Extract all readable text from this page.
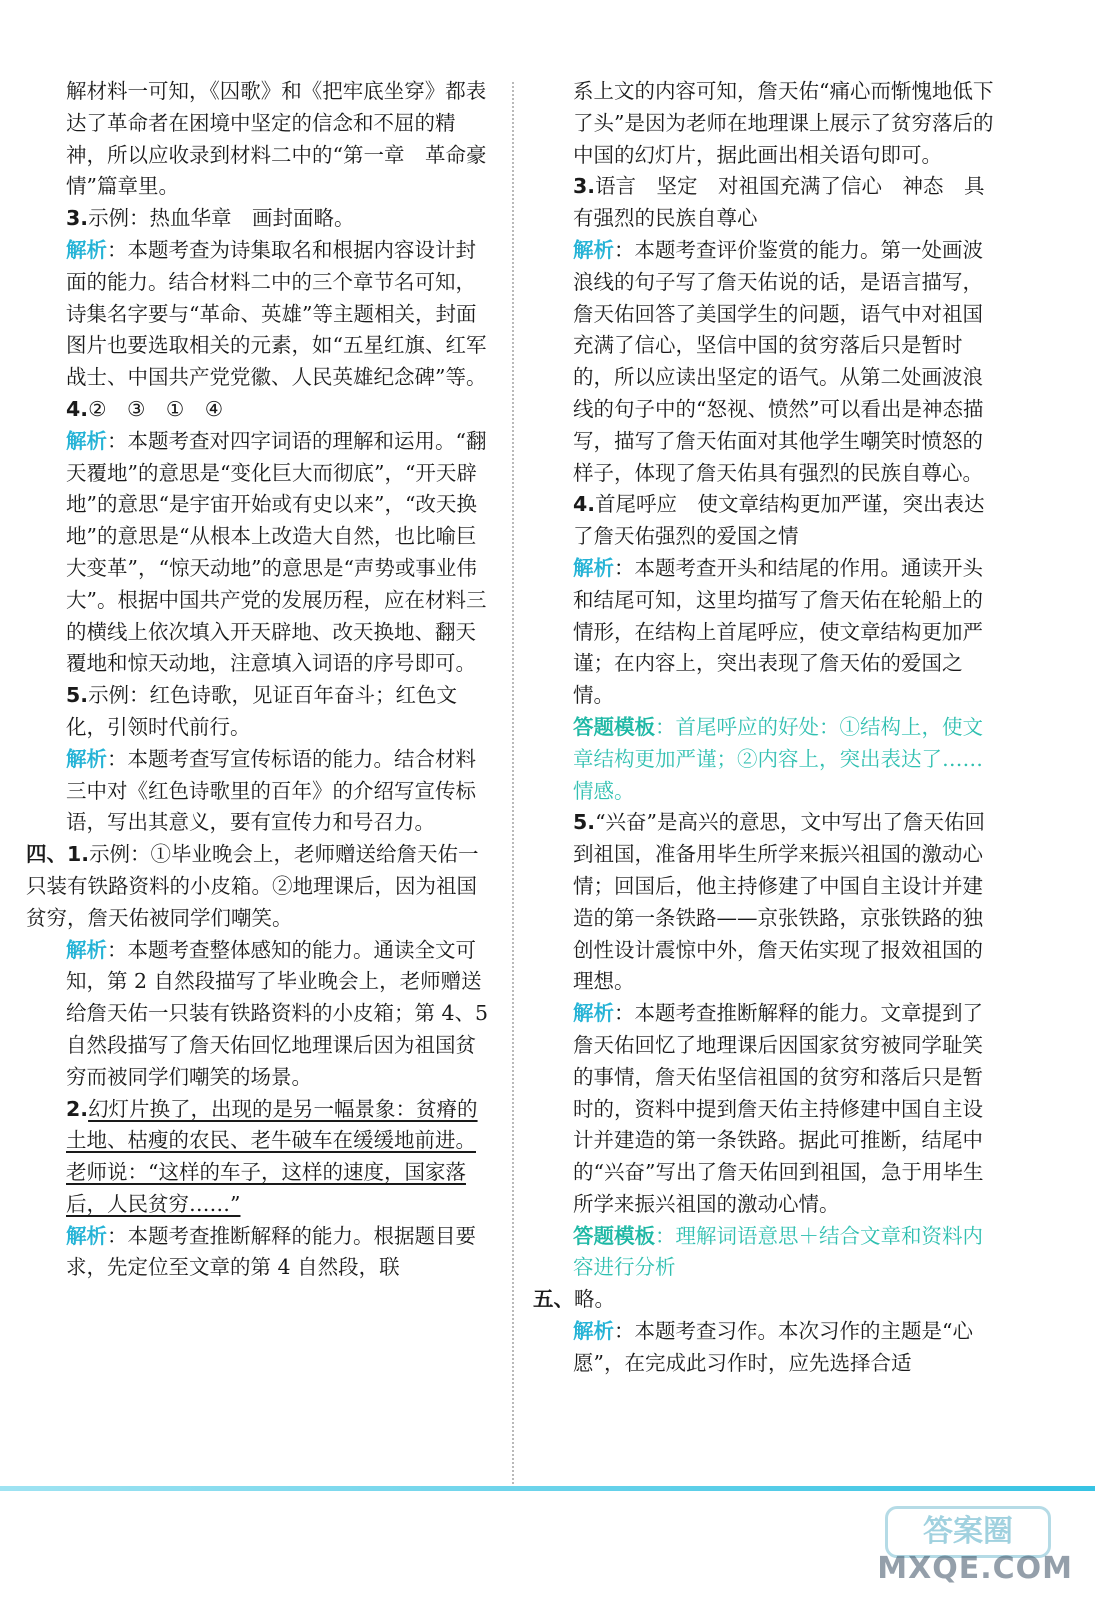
解材料一可知，《囚歌》和《把牢底坐穿》都表达了革命者在困境中坚定的信念和不屈的精神，所以应收录到材料二中的“第一章　革命豪情”篇章里。

3.示例：热血华章　画封面略。

解析：本题考查为诗集取名和根据内容设计封面的能力。结合材料二中的三个章节名可知，诗集名字要与“革命、英雄”等主题相关，封面图片也要选取相关的元素，如“五星红旗、红军战士、中国共产党党徽、人民英雄纪念碑”等。

4.②　③　①　④

解析：本题考查对四字词语的理解和运用。“翻天覆地”的意思是“变化巨大而彻底”，“开天辟地”的意思“是宇宙开始或有史以来”，“改天换地”的意思是“从根本上改造大自然，也比喻巨大变革”，“惊天动地”的意思是“声势或事业伟大”。根据中国共产党的发展历程，应在材料三的横线上依次填入开天辟地、改天换地、翻天覆地和惊天动地，注意填入词语的序号即可。

5.示例：红色诗歌，见证百年奋斗；红色文化，引领时代前行。

解析：本题考查写宣传标语的能力。结合材料三中对《红色诗歌里的百年》的介绍写宣传标语，写出其意义，要有宣传力和号召力。

四、1.示例：①毕业晚会上，老师赠送给詹天佑一只装有铁路资料的小皮箱。②地理课后，因为祖国贫穷，詹天佑被同学们嘲笑。

解析：本题考查整体感知的能力。通读全文可知，第 2 自然段描写了毕业晚会上，老师赠送给詹天佑一只装有铁路资料的小皮箱；第 4、5 自然段描写了詹天佑回忆地理课后因为祖国贫穷而被同学们嘲笑的场景。

2.幻灯片换了，出现的是另一幅景象：贫瘠的土地、枯瘦的农民、老牛破车在缓缓地前进。老师说：“这样的车子，这样的速度，国家落后，人民贫穷……”

解析：本题考查推断解释的能力。根据题目要求，先定位至文章的第 4 自然段，联

系上文的内容可知，詹天佑“痛心而惭愧地低下了头”是因为老师在地理课上展示了贫穷落后的中国的幻灯片，据此画出相关语句即可。

3.语言　坚定　对祖国充满了信心　神态　具有强烈的民族自尊心

解析：本题考查评价鉴赏的能力。第一处画波浪线的句子写了詹天佑说的话，是语言描写，詹天佑回答了美国学生的问题，语气中对祖国充满了信心，坚信中国的贫穷落后只是暂时的，所以应读出坚定的语气。从第二处画波浪线的句子中的“怒视、愤然”可以看出是神态描写，描写了詹天佑面对其他学生嘲笑时愤怒的样子，体现了詹天佑具有强烈的民族自尊心。

4.首尾呼应　使文章结构更加严谨，突出表达了詹天佑强烈的爱国之情

解析：本题考查开头和结尾的作用。通读开头和结尾可知，这里均描写了詹天佑在轮船上的情形，在结构上首尾呼应，使文章结构更加严谨；在内容上，突出表现了詹天佑的爱国之情。

答题模板：首尾呼应的好处：①结构上，使文章结构更加严谨；②内容上，突出表达了……情感。

5.“兴奋”是高兴的意思，文中写出了詹天佑回到祖国，准备用毕生所学来振兴祖国的激动心情；回国后，他主持修建了中国自主设计并建造的第一条铁路——京张铁路，京张铁路的独创性设计震惊中外，詹天佑实现了报效祖国的理想。

解析：本题考查推断解释的能力。文章提到了詹天佑回忆了地理课后因国家贫穷被同学耻笑的事情，詹天佑坚信祖国的贫穷和落后只是暂时的，资料中提到詹天佑主持修建中国自主设计并建造的第一条铁路。据此可推断，结尾中的“兴奋”写出了詹天佑回到祖国，急于用毕生所学来振兴祖国的激动心情。

答题模板：理解词语意思＋结合文章和资料内容进行分析

五、略。

解析：本题考查习作。本次习作的主题是“心愿”，在完成此习作时，应先选择合适

答案圈
MXQE.COM
